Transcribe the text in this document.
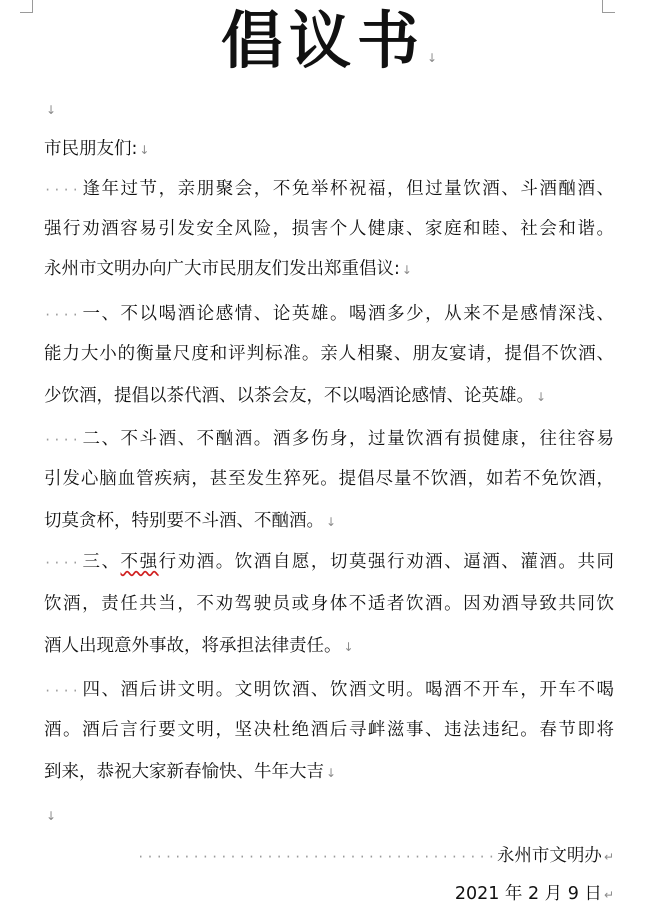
倡议书 ↓
↓
市民朋友们: ↓
····逢年过节，亲朋聚会，不免举杯祝福，但过量饮酒、斗酒酗酒、
强行劝酒容易引发安全风险，损害个人健康、家庭和睦、社会和谐。
永州市文明办向广大市民朋友们发出郑重倡议: ↓
····一、不以喝酒论感情、论英雄。喝酒多少，从来不是感情深浅、
能力大小的衡量尺度和评判标准。亲人相聚、朋友宴请，提倡不饮酒、
少饮酒，提倡以茶代酒、以茶会友，不以喝酒论感情、论英雄。 ↓
····二、不斗酒、不酗酒。酒多伤身，过量饮酒有损健康，往往容易
引发心脑血管疾病，甚至发生猝死。提倡尽量不饮酒，如若不免饮酒，
切莫贪杯，特别要不斗酒、不酗酒。 ↓
····三、不强行劝酒。饮酒自愿，切莫强行劝酒、逼酒、灌酒。共同
饮酒，责任共当，不劝驾驶员或身体不适者饮酒。因劝酒导致共同饮
酒人出现意外事故，将承担法律责任。 ↓
····四、酒后讲文明。文明饮酒、饮酒文明。喝酒不开车，开车不喝
酒。酒后言行要文明，坚决杜绝酒后寻衅滋事、违法违纪。春节即将
到来，恭祝大家新春愉快、牛年大吉 ↓
↓
·······································永州市文明办 ↵
2021 年 2 月 9 日 ↵
